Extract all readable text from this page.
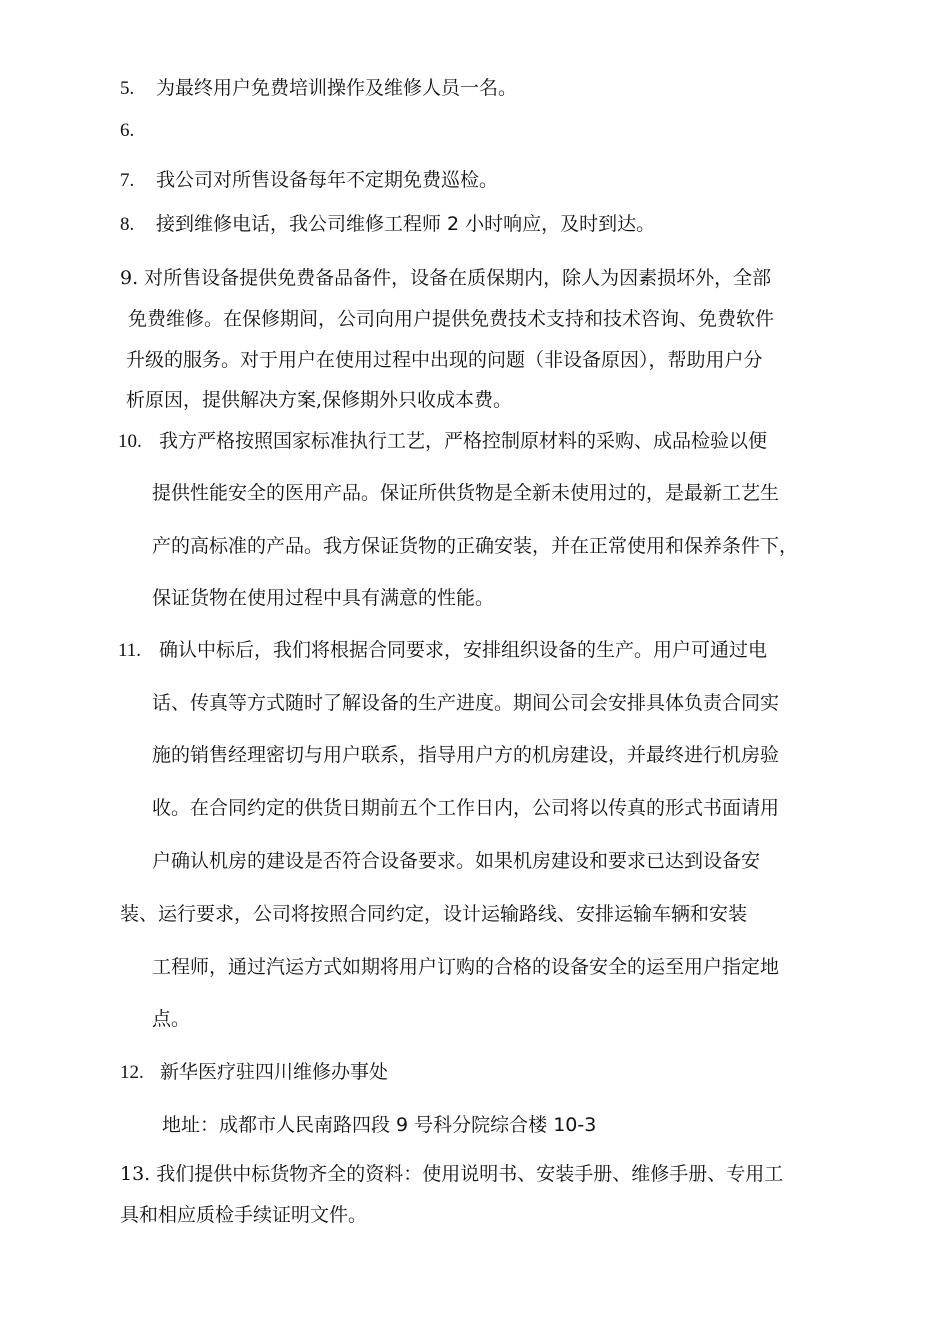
5. 为最终用户免费培训操作及维修人员一名。
6.
7. 我公司对所售设备每年不定期免费巡检。
8. 接到维修电话，我公司维修工程师 2 小时响应，及时到达。
9. 对所售设备提供免费备品备件，设备在质保期内，除人为因素损坏外，全部
免费维修。在保修期间，公司向用户提供免费技术支持和技术咨询、免费软件
升级的服务。对于用户在使用过程中出现的问题（非设备原因），帮助用户分
析原因，提供解决方案,保修期外只收成本费。
10. 我方严格按照国家标准执行工艺，严格控制原材料的采购、成品检验以便
提供性能安全的医用产品。保证所供货物是全新未使用过的，是最新工艺生
产的高标准的产品。我方保证货物的正确安装，并在正常使用和保养条件下，
保证货物在使用过程中具有满意的性能。
11. 确认中标后，我们将根据合同要求，安排组织设备的生产。用户可通过电
话、传真等方式随时了解设备的生产进度。期间公司会安排具体负责合同实
施的销售经理密切与用户联系，指导用户方的机房建设，并最终进行机房验
收。在合同约定的供货日期前五个工作日内，公司将以传真的形式书面请用
户确认机房的建设是否符合设备要求。如果机房建设和要求已达到设备安
装、运行要求，公司将按照合同约定，设计运输路线、安排运输车辆和安装
工程师，通过汽运方式如期将用户订购的合格的设备安全的运至用户指定地
点。
12. 新华医疗驻四川维修办事处
地址：成都市人民南路四段 9 号科分院综合楼 10-3
13. 我们提供中标货物齐全的资料：使用说明书、安装手册、维修手册、专用工
具和相应质检手续证明文件。
